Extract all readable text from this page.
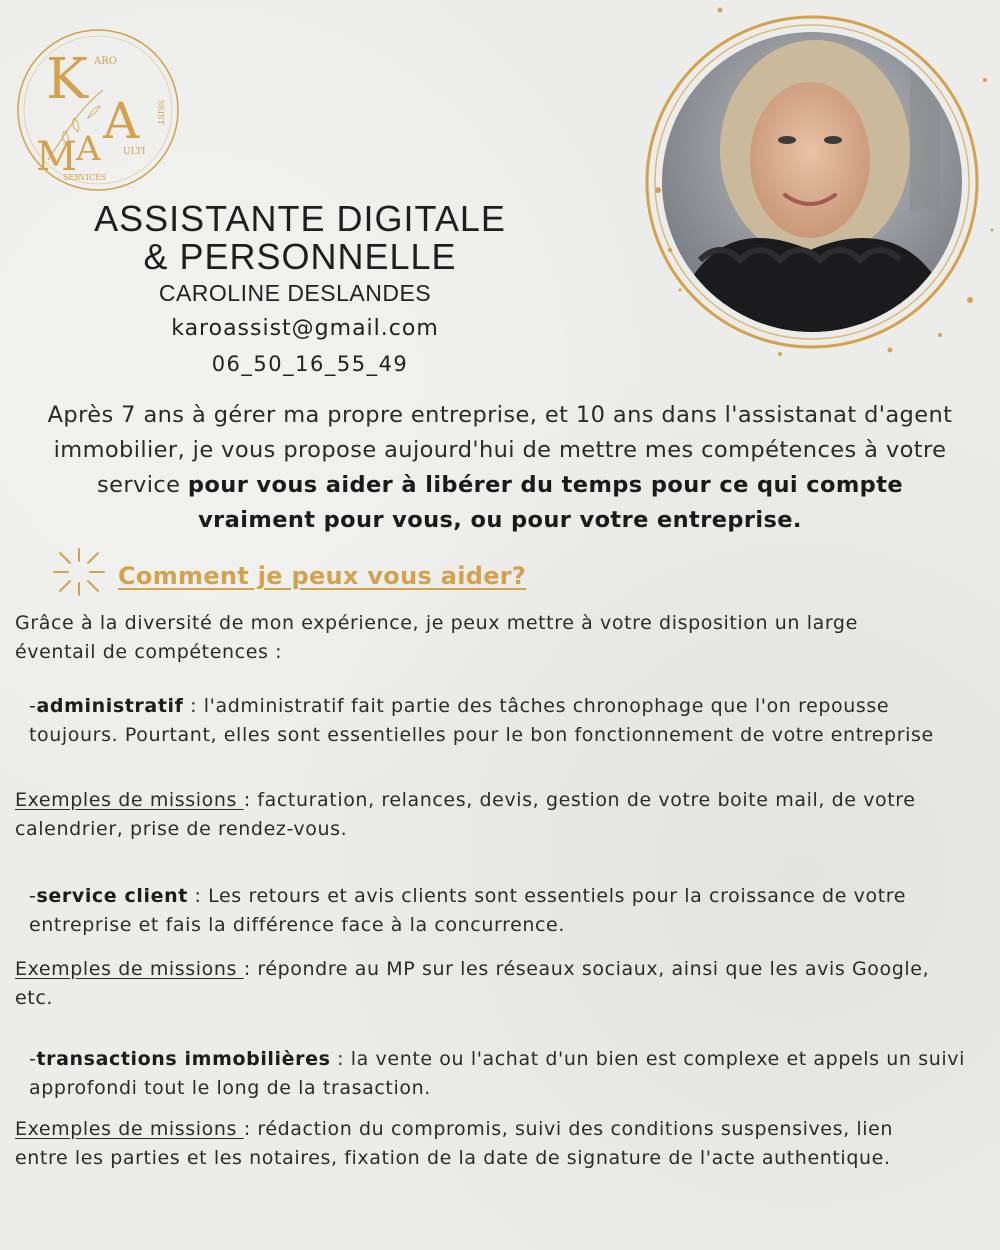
K ARO
A
M A
SSIST
ULTI
SERVICES
ASSISTANTE DIGITALE
& PERSONNELLE
CAROLINE DESLANDES
karoassist@gmail.com
06_50_16_55_49
Après 7 ans à gérer ma propre entreprise, et 10 ans dans l'assistanat d'agent immobilier, je vous propose aujourd'hui de mettre mes compétences à votre service pour vous aider à libérer du temps pour ce qui compte vraiment pour vous, ou pour votre entreprise.
Comment je peux vous aider?
Grâce à la diversité de mon expérience, je peux mettre à votre disposition un large éventail de compétences :
-administratif : l'administratif fait partie des tâches chronophage que l'on repousse toujours. Pourtant, elles sont essentielles pour le bon fonctionnement de votre entreprise
Exemples de missions : facturation, relances, devis, gestion de votre boite mail, de votre calendrier, prise de rendez-vous.
-service client : Les retours et avis clients sont essentiels pour la croissance de votre entreprise et fais la différence face à la concurrence.
Exemples de missions : répondre au MP sur les réseaux sociaux, ainsi que les avis Google, etc.
-transactions immobilières : la vente ou l'achat d'un bien est complexe et appels un suivi approfondi tout le long de la trasaction.
Exemples de missions : rédaction du compromis, suivi des conditions suspensives, lien entre les parties et les notaires, fixation de la date de signature de l'acte authentique.
